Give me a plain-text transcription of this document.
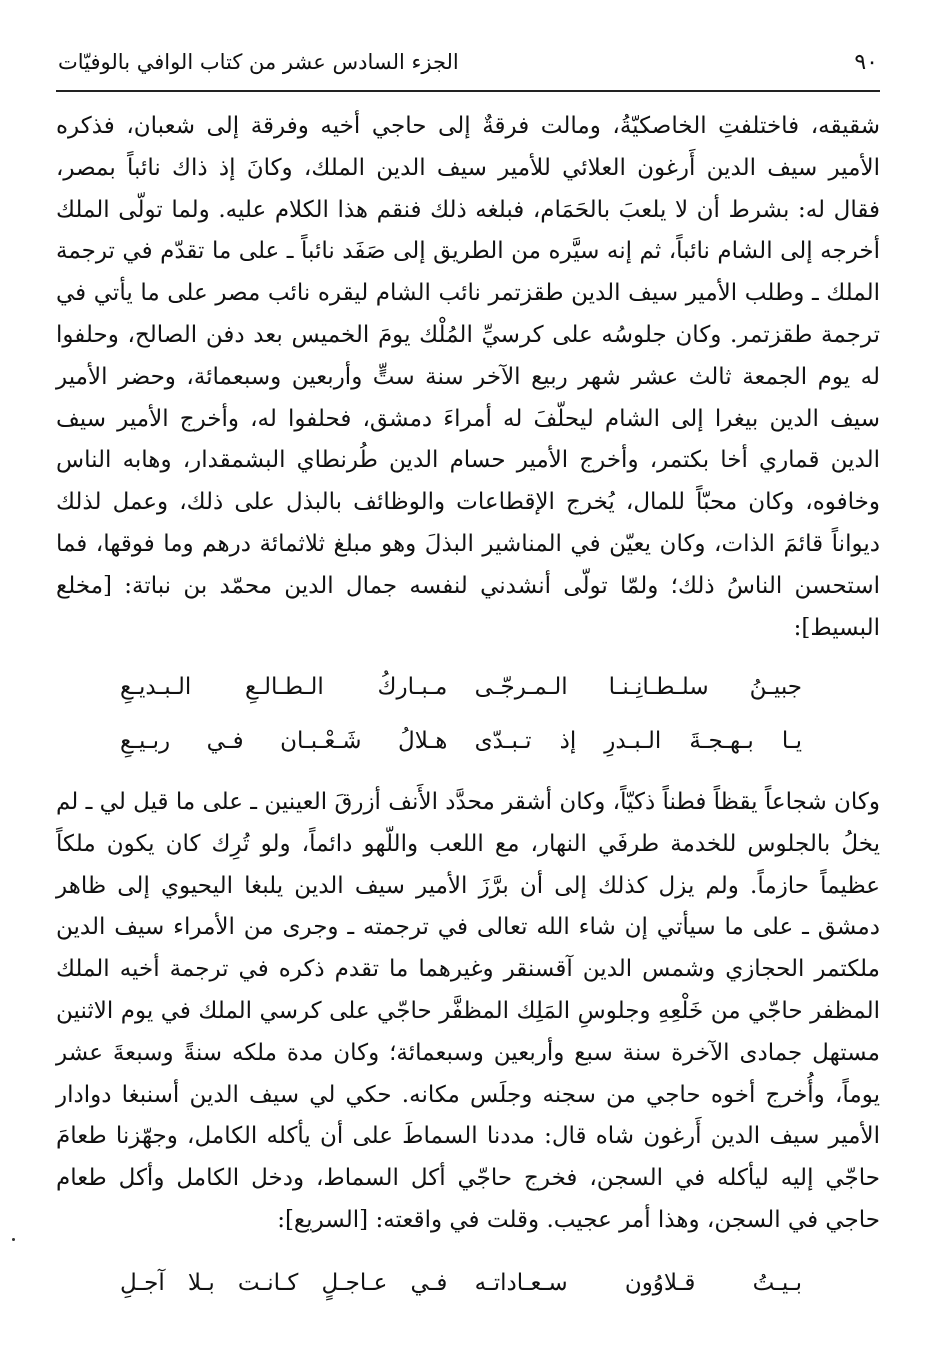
٩٠
الجزء السادس عشر من كتاب الوافي بالوفيّات

شقيقه، فاختلفتِ الخاصكيّةُ، ومالت فرقةٌ إلى حاجي أخيه وفرقة إلى شعبان، فذكره الأمير سيف الدين أَرغون العلائي للأمير سيف الدين الملك، وكانَ إذ ذاك نائباً بمصر، فقال له: بشرط أن لا يلعبَ بالحَمَام، فبلغه ذلك فنقم هذا الكلام عليه. ولما تولّى الملك أخرجه إلى الشام نائباً، ثم إنه سيَّره من الطريق إلى صَفَد نائباً ـ على ما تقدّم في ترجمة الملك ـ وطلب الأمير سيف الدين طقزتمر نائب الشام ليقره نائب مصر على ما يأتي في ترجمة طقزتمر. وكان جلوسُه على كرسيِّ المُلْك يومَ الخميس بعد دفن الصالح، وحلفوا له يوم الجمعة ثالث عشر شهر ربيع الآخر سنة ستٍّ وأربعين وسبعمائة، وحضر الأمير سيف الدين بيغرا إلى الشام ليحلّفَ له أمراءَ دمشق، فحلفوا له، وأخرج الأمير سيف الدين قماري أخا بكتمر، وأخرج الأمير حسام الدين طُرنطاي البشمقدار، وهابه الناس وخافوه، وكان محبّاً للمال، يُخرج الإقطاعات والوظائف بالبذل على ذلك، وعمل لذلك ديواناً قائمَ الذات، وكان يعيّن في المناشير البذلَ وهو مبلغ ثلاثمائة درهم وما فوقها، فما استحسن الناسُ ذلك؛ ولمّا تولّى أنشدني لنفسه جمال الدين محمّد بن نباتة: [مخلع البسيط]:

جبيـنُ سلـطـانِـنـا الـمـرجّـى
مـبـاركُ الـطـالـعِ الـبـديـعِ
يـا بـهـجـةَ الـبـدرِ إذ تـبـدّى
هـلالُ شَـعْـبـان فـي ربـيـعِ

وكان شجاعاً يقظاً فطناً ذكيّاً، وكان أشقر محدَّد الأَنف أزرقَ العينين ـ على ما قيل لي ـ لم يخلُ بالجلوس للخدمة طرفَي النهار، مع اللعب واللّهو دائماً، ولو تُرِك كان يكون ملكاً عظيماً حازماً. ولم يزل كذلك إلى أن برَّزَ الأمير سيف الدين يلبغا اليحيوي إلى ظاهر دمشق ـ على ما سيأتي إن شاء الله تعالى في ترجمته ـ وجرى من الأمراء سيف الدين ملكتمر الحجازي وشمس الدين آقسنقر وغيرهما ما تقدم ذكره في ترجمة أخيه الملك المظفر حاجّي من خَلْعِهِ وجلوسِ المَلِك المظفَّر حاجّي على كرسي الملك في يوم الاثنين مستهل جمادى الآخرة سنة سبع وأربعين وسبعمائة؛ وكان مدة ملكه سنةً وسبعةَ عشر يوماً، وأُخرج أخوه حاجي من سجنه وجلَس مكانه. حكي لي سيف الدين أسنبغا دوادار الأمير سيف الدين أَرغون شاه قال: مددنا السماطَ على أن يأكله الكامل، وجهّزنا طعامَ حاجّي إليه ليأكله في السجن، فخرج حاجّي أكل السماط، ودخل الكامل وأكل طعام حاجي في السجن، وهذا أمر عجيب. وقلت في واقعته: [السريع]:

بـيـتُ قـلاوُون سـعـاداتـه
فـي عـاجـلٍ كـانـت بـلا آجـلِ
